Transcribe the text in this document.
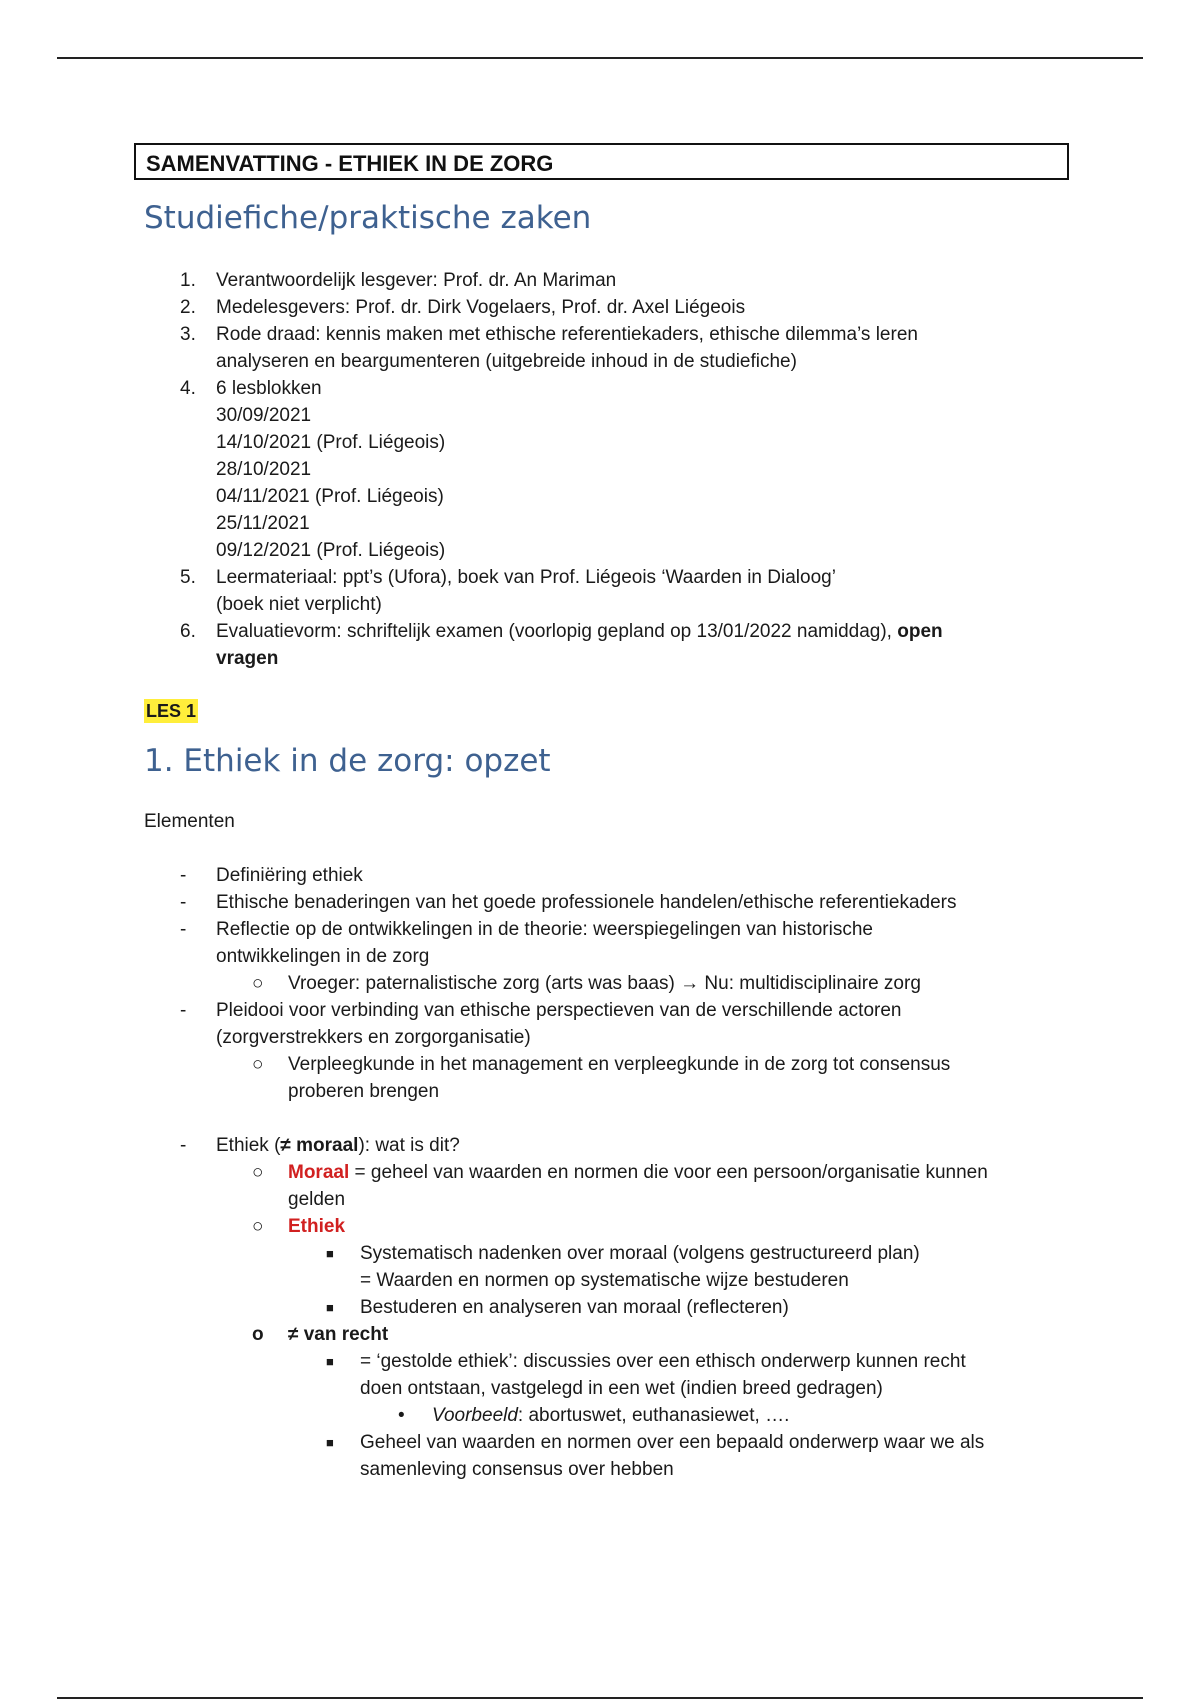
SAMENVATTING - ETHIEK IN DE ZORG
Studiefiche/praktische zaken
1. Verantwoordelijk lesgever: Prof. dr. An Mariman
2. Medelesgevers: Prof. dr. Dirk Vogelaers, Prof. dr. Axel Liégeois
3. Rode draad: kennis maken met ethische referentiekaders, ethische dilemma’s leren
analyseren en beargumenteren (uitgebreide inhoud in de studiefiche)
4. 6 lesblokken
30/09/2021
14/10/2021 (Prof. Liégeois)
28/10/2021
04/11/2021 (Prof. Liégeois)
25/11/2021
09/12/2021 (Prof. Liégeois)
5. Leermateriaal: ppt’s (Ufora), boek van Prof. Liégeois ‘Waarden in Dialoog’
(boek niet verplicht)
6. Evaluatievorm: schriftelijk examen (voorlopig gepland op 13/01/2022 namiddag), open
vragen
LES 1
1. Ethiek in de zorg: opzet
Elementen
- Definiëring ethiek
- Ethische benaderingen van het goede professionele handelen/ethische referentiekaders
- Reflectie op de ontwikkelingen in de theorie: weerspiegelingen van historische
ontwikkelingen in de zorg
○ Vroeger: paternalistische zorg (arts was baas) → Nu: multidisciplinaire zorg
- Pleidooi voor verbinding van ethische perspectieven van de verschillende actoren
(zorgverstrekkers en zorgorganisatie)
○ Verpleegkunde in het management en verpleegkunde in de zorg tot consensus
proberen brengen
- Ethiek (≠ moraal): wat is dit?
○ Moraal = geheel van waarden en normen die voor een persoon/organisatie kunnen
gelden
○ Ethiek
■ Systematisch nadenken over moraal (volgens gestructureerd plan)
= Waarden en normen op systematische wijze bestuderen
■ Bestuderen en analyseren van moraal (reflecteren)
o ≠ van recht
■ = ‘gestolde ethiek’: discussies over een ethisch onderwerp kunnen recht
doen ontstaan, vastgelegd in een wet (indien breed gedragen)
• Voorbeeld: abortuswet, euthanasiewet, ….
■ Geheel van waarden en normen over een bepaald onderwerp waar we als
samenleving consensus over hebben
